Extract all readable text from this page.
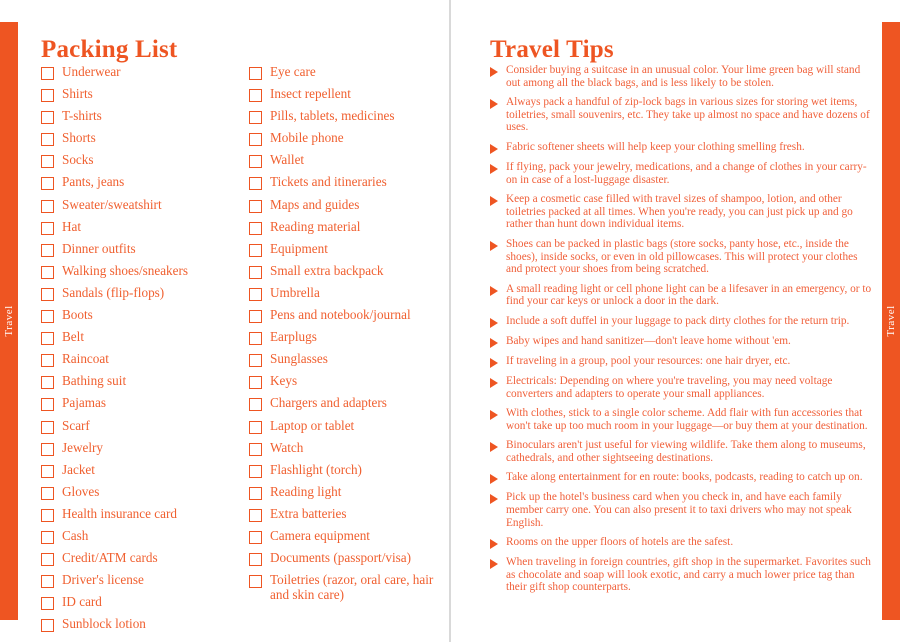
Travel	Travel
Packing List
Underwear
Shirts
T-shirts
Shorts
Socks
Pants, jeans
Sweater/sweatshirt
Hat
Dinner outfits
Walking shoes/sneakers
Sandals (flip-flops)
Boots
Belt
Raincoat
Bathing suit
Pajamas
Scarf
Jewelry
Jacket
Gloves
Health insurance card
Cash
Credit/ATM cards
Driver's license
ID card
Sunblock lotion
Eye care
Insect repellent
Pills, tablets, medicines
Mobile phone
Wallet
Tickets and itineraries
Maps and guides
Reading material
Equipment
Small extra backpack
Umbrella
Pens and notebook/journal
Earplugs
Sunglasses
Keys
Chargers and adapters
Laptop or tablet
Watch
Flashlight (torch)
Reading light
Extra batteries
Camera equipment
Documents (passport/visa)
Toiletries (razor, oral care, hair and skin care)
Travel Tips
Consider buying a suitcase in an unusual color. Your lime green bag will stand out among all the black bags, and is less likely to be stolen.
Always pack a handful of zip-lock bags in various sizes for storing wet items, toiletries, small souvenirs, etc. They take up almost no space and have dozens of uses.
Fabric softener sheets will help keep your clothing smelling fresh.
If flying, pack your jewelry, medications, and a change of clothes in your carry-on in case of a lost-luggage disaster.
Keep a cosmetic case filled with travel sizes of shampoo, lotion, and other toiletries packed at all times. When you're ready, you can just pick up and go rather than hunt down individual items.
Shoes can be packed in plastic bags (store socks, panty hose, etc., inside the shoes), inside socks, or even in old pillowcases. This will protect your clothes and protect your shoes from being scratched.
A small reading light or cell phone light can be a lifesaver in an emergency, or to find your car keys or unlock a door in the dark.
Include a soft duffel in your luggage to pack dirty clothes for the return trip.
Baby wipes and hand sanitizer—don't leave home without 'em.
If traveling in a group, pool your resources: one hair dryer, etc.
Electricals: Depending on where you're traveling, you may need voltage converters and adapters to operate your small appliances.
With clothes, stick to a single color scheme. Add flair with fun accessories that won't take up too much room in your luggage—or buy them at your destination.
Binoculars aren't just useful for viewing wildlife. Take them along to museums, cathedrals, and other sightseeing destinations.
Take along entertainment for en route: books, podcasts, reading to catch up on.
Pick up the hotel's business card when you check in, and have each family member carry one. You can also present it to taxi drivers who may not speak English.
Rooms on the upper floors of hotels are the safest.
When traveling in foreign countries, gift shop in the supermarket. Favorites such as chocolate and soap will look exotic, and carry a much lower price tag than their gift shop counterparts.
